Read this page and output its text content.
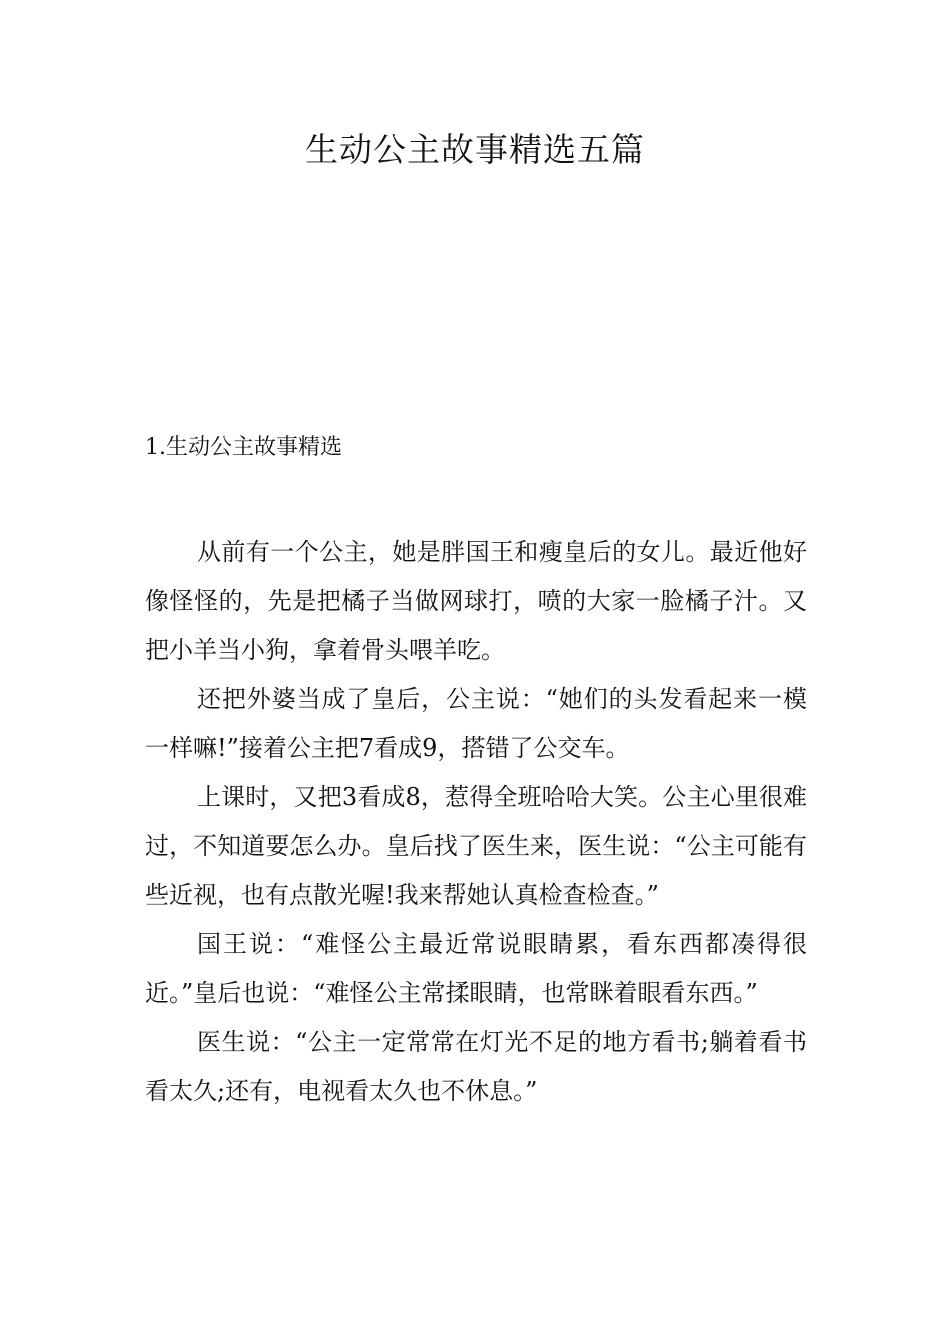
生动公主故事精选五篇
1.生动公主故事精选

从前有一个公主，她是胖国王和瘦皇后的女儿。最近他好像怪怪的，先是把橘子当做网球打，喷的大家一脸橘子汁。又把小羊当小狗，拿着骨头喂羊吃。

还把外婆当成了皇后，公主说：“她们的头发看起来一模一样嘛!”接着公主把7看成9，搭错了公交车。

上课时，又把3看成8，惹得全班哈哈大笑。公主心里很难过，不知道要怎么办。皇后找了医生来，医生说：“公主可能有些近视，也有点散光喔!我来帮她认真检查检查。”

国王说：“难怪公主最近常说眼睛累，看东西都凑得很近。”皇后也说：“难怪公主常揉眼睛，也常眯着眼看东西。”

医生说：“公主一定常常在灯光不足的地方看书;躺着看书看太久;还有，电视看太久也不休息。”
